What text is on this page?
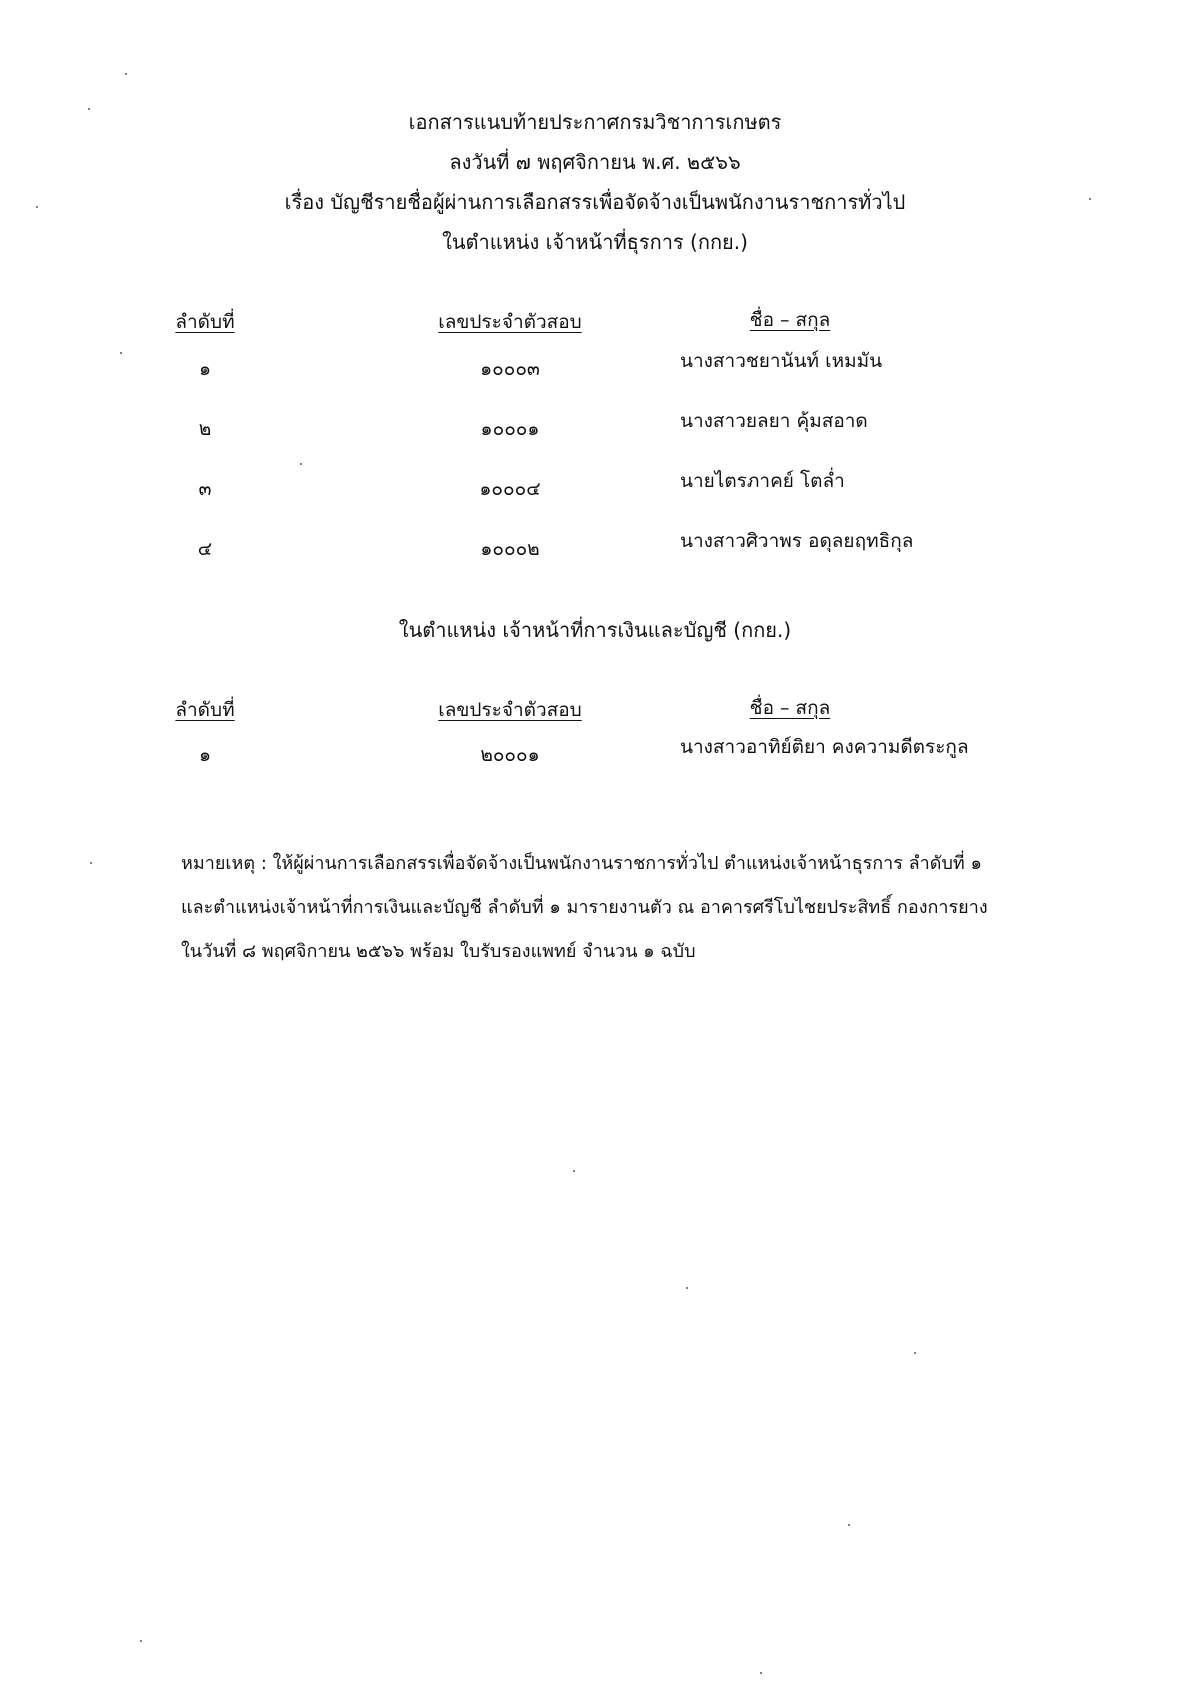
เอกสารแนบท้ายประกาศกรมวิชาการเกษตร
ลงวันที่ ๗ พฤศจิกายน พ.ศ. ๒๕๖๖
เรื่อง บัญชีรายชื่อผู้ผ่านการเลือกสรรเพื่อจัดจ้างเป็นพนักงานราชการทั่วไป
ในตำแหน่ง เจ้าหน้าที่ธุรการ (กกย.)
ลำดับที่	เลขประจำตัวสอบ	ชื่อ – สกุล
๑	๑๐๐๐๓	นางสาวชยานันท์ เหมมัน
๒	๑๐๐๐๑	นางสาวยลยา คุ้มสอาด
๓	๑๐๐๐๔	นายไตรภาคย์ โตล่ำ
๔	๑๐๐๐๒	นางสาวศิวาพร อดุลยฤทธิกุล
ในตำแหน่ง เจ้าหน้าที่การเงินและบัญชี (กกย.)
ลำดับที่	เลขประจำตัวสอบ	ชื่อ – สกุล
๑	๒๐๐๐๑	นางสาวอาทิย์ติยา คงความดีตระกูล
หมายเหตุ : ให้ผู้ผ่านการเลือกสรรเพื่อจัดจ้างเป็นพนักงานราชการทั่วไป ตำแหน่งเจ้าหน้าธุรการ ลำดับที่ ๑
และตำแหน่งเจ้าหน้าที่การเงินและบัญชี ลำดับที่ ๑ มารายงานตัว ณ อาคารศรีโบไชยประสิทธิ์ กองการยาง
ในวันที่ ๘ พฤศจิกายน ๒๕๖๖ พร้อม ใบรับรองแพทย์ จำนวน ๑ ฉบับ
